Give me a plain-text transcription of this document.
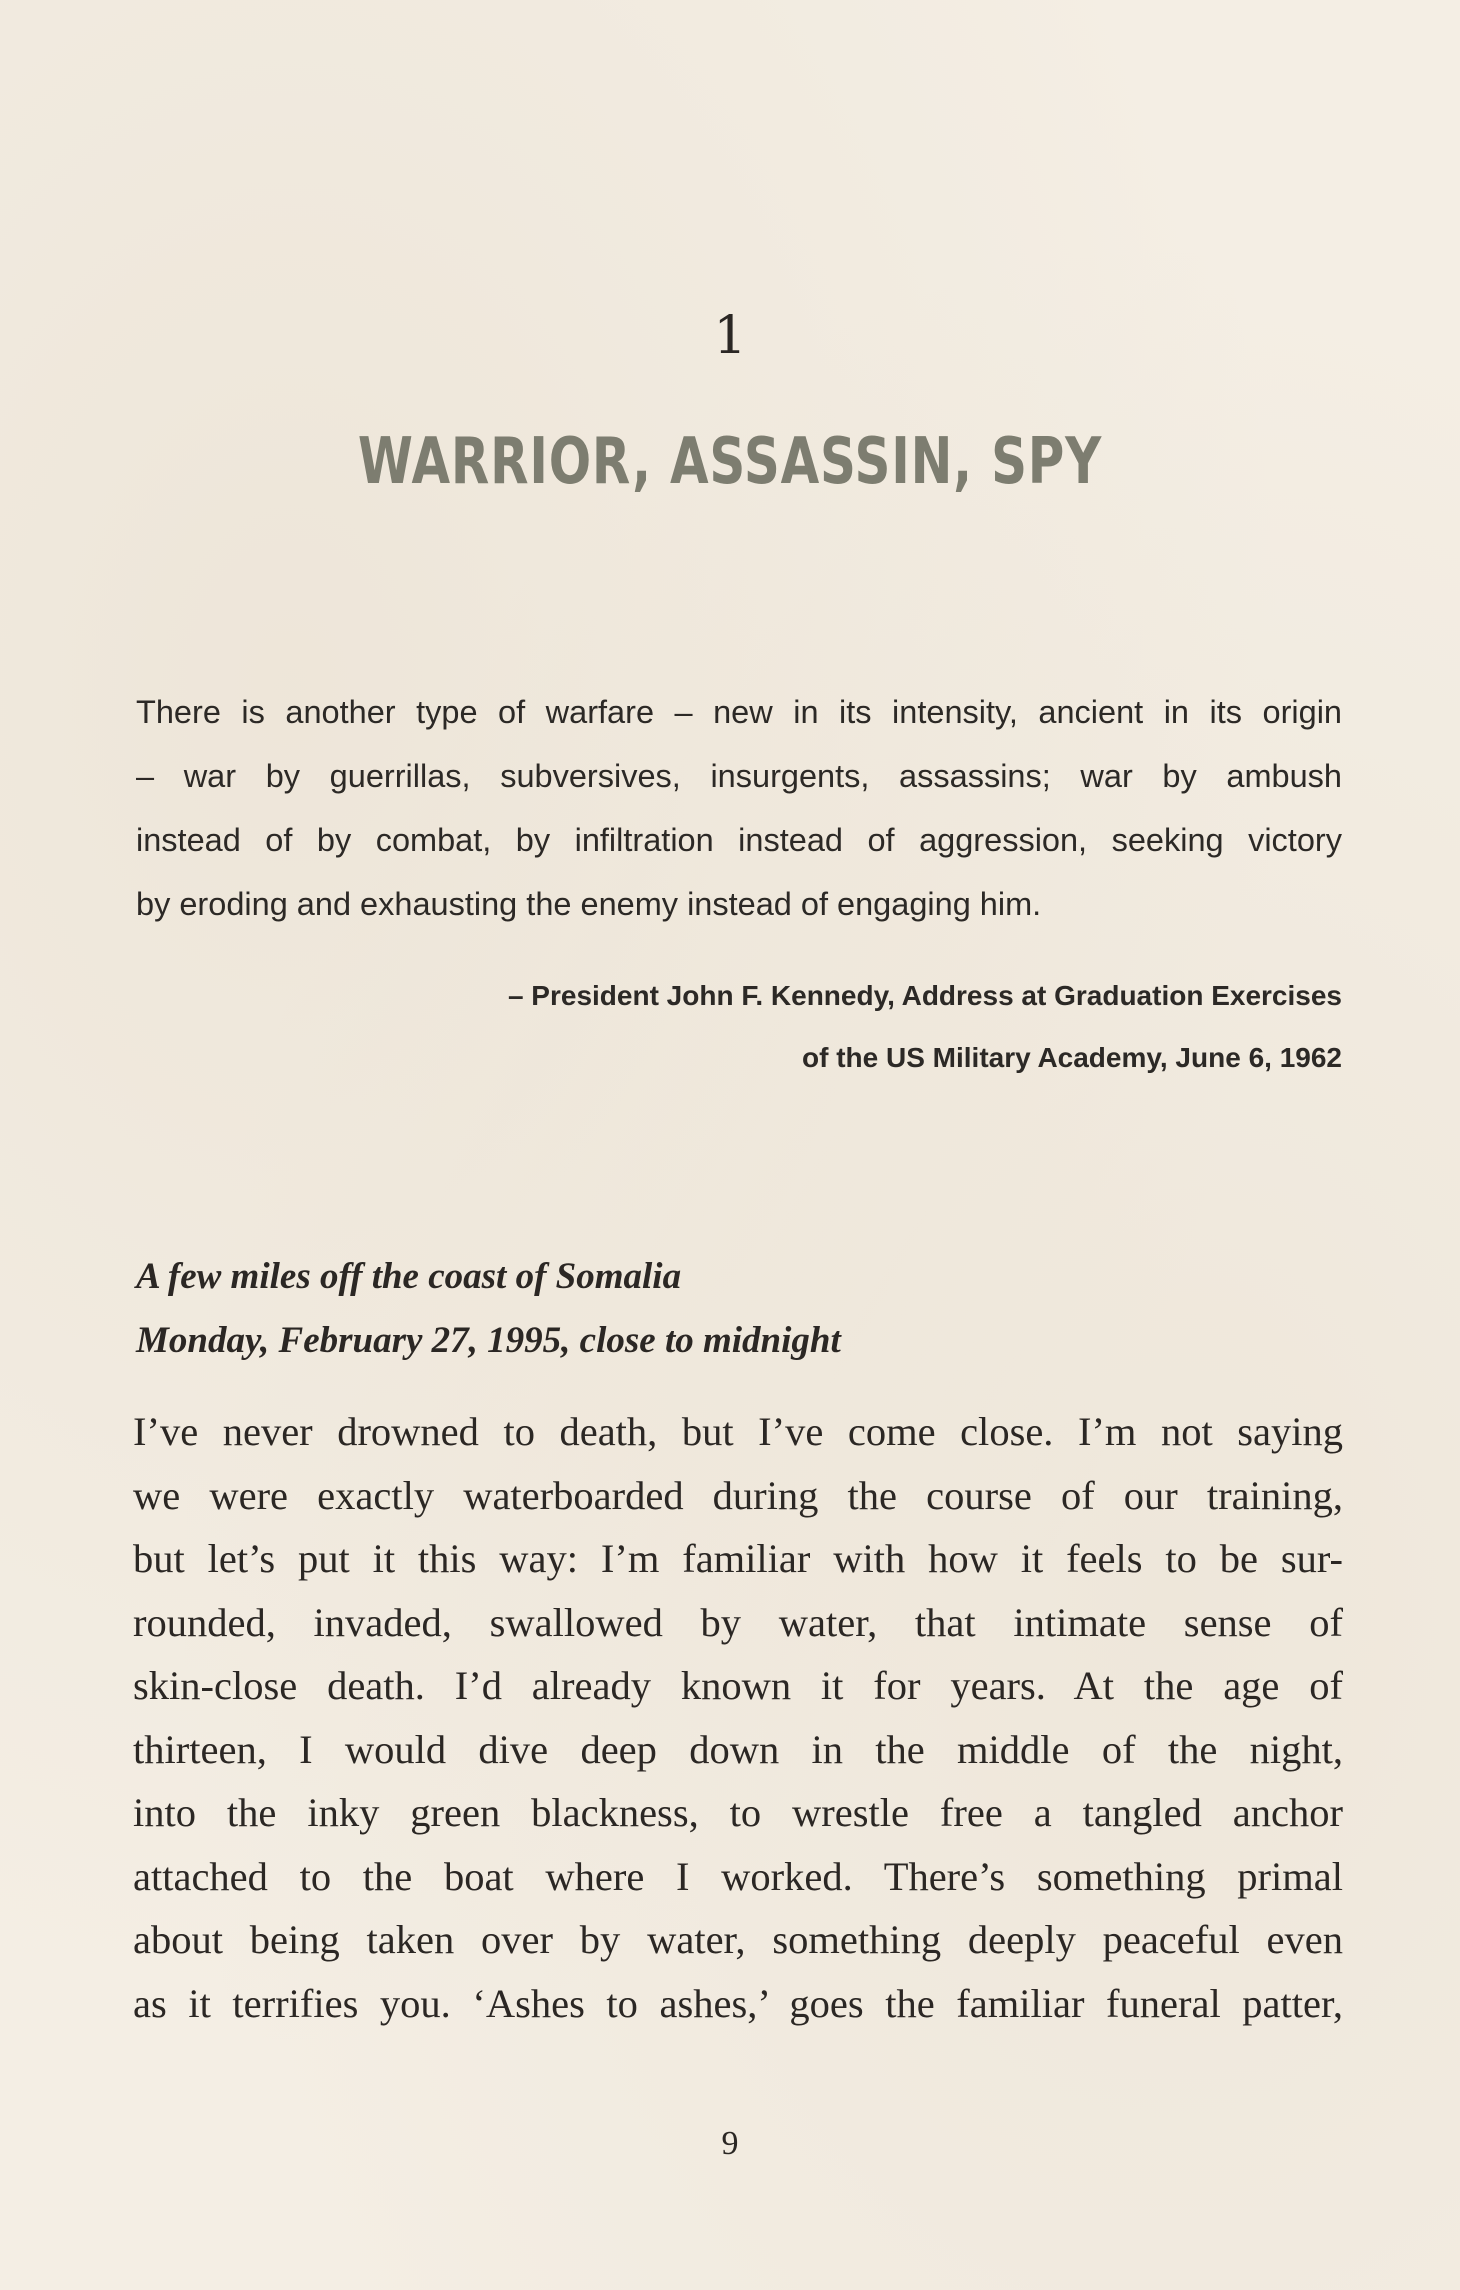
1
WARRIOR, ASSASSIN, SPY
There is another type of warfare – new in its intensity, ancient in its origin
– war by guerrillas, subversives, insurgents, assassins; war by ambush
instead of by combat, by infiltration instead of aggression, seeking victory
by eroding and exhausting the enemy instead of engaging him.
– President John F. Kennedy, Address at Graduation Exercises
of the US Military Academy, June 6, 1962
A few miles off the coast of Somalia
Monday, February 27, 1995, close to midnight
I’ve never drowned to death, but I’ve come close. I’m not saying
we were exactly waterboarded during the course of our training,
but let’s put it this way: I’m familiar with how it feels to be sur-
rounded, invaded, swallowed by water, that intimate sense of
skin-close death. I’d already known it for years. At the age of
thirteen, I would dive deep down in the middle of the night,
into the inky green blackness, to wrestle free a tangled anchor
attached to the boat where I worked. There’s something primal
about being taken over by water, something deeply peaceful even
as it terrifies you. ‘Ashes to ashes,’ goes the familiar funeral patter,
9
